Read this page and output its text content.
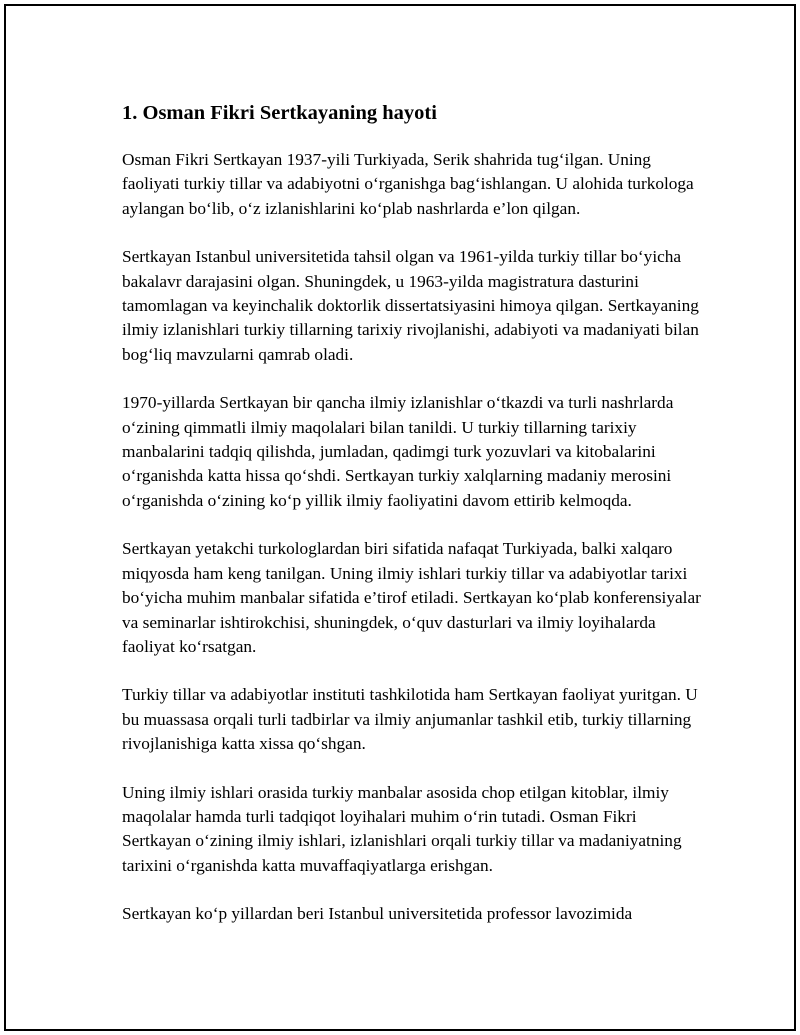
1. Osman Fikri Sertkayaning hayoti

Osman Fikri Sertkayan 1937-yili Turkiyada, Serik shahrida tug‘ilgan. Uning faoliyati turkiy tillar va adabiyotni o‘rganishga bag‘ishlangan. U alohida turkologa aylangan bo‘lib, o‘z izlanishlarini ko‘plab nashrlarda e’lon qilgan.

Sertkayan Istanbul universitetida tahsil olgan va 1961-yilda turkiy tillar bo‘yicha bakalavr darajasini olgan. Shuningdek, u 1963-yilda magistratura dasturini tamomlagan va keyinchalik doktorlik dissertatsiyasini himoya qilgan. Sertkayaning ilmiy izlanishlari turkiy tillarning tarixiy rivojlanishi, adabiyoti va madaniyati bilan bog‘liq mavzularni qamrab oladi.

1970-yillarda Sertkayan bir qancha ilmiy izlanishlar o‘tkazdi va turli nashrlarda o‘zining qimmatli ilmiy maqolalari bilan tanildi. U turkiy tillarning tarixiy manbalarini tadqiq qilishda, jumladan, qadimgi turk yozuvlari va kitobalarini o‘rganishda katta hissa qo‘shdi. Sertkayan turkiy xalqlarning madaniy merosini o‘rganishda o‘zining ko‘p yillik ilmiy faoliyatini davom ettirib kelmoqda.

Sertkayan yetakchi turkologlardan biri sifatida nafaqat Turkiyada, balki xalqaro miqyosda ham keng tanilgan. Uning ilmiy ishlari turkiy tillar va adabiyotlar tarixi bo‘yicha muhim manbalar sifatida e’tirof etiladi. Sertkayan ko‘plab konferensiyalar va seminarlar ishtirokchisi, shuningdek, o‘quv dasturlari va ilmiy loyihalarda faoliyat ko‘rsatgan.

Turkiy tillar va adabiyotlar instituti tashkilotida ham Sertkayan faoliyat yuritgan. U bu muassasa orqali turli tadbirlar va ilmiy anjumanlar tashkil etib, turkiy tillarning rivojlanishiga katta xissa qo‘shgan.

Uning ilmiy ishlari orasida turkiy manbalar asosida chop etilgan kitoblar, ilmiy maqolalar hamda turli tadqiqot loyihalari muhim o‘rin tutadi. Osman Fikri Sertkayan o‘zining ilmiy ishlari, izlanishlari orqali turkiy tillar va madaniyatning tarixini o‘rganishda katta muvaffaqiyatlarga erishgan.

Sertkayan ko‘p yillardan beri Istanbul universitetida professor lavozimida
